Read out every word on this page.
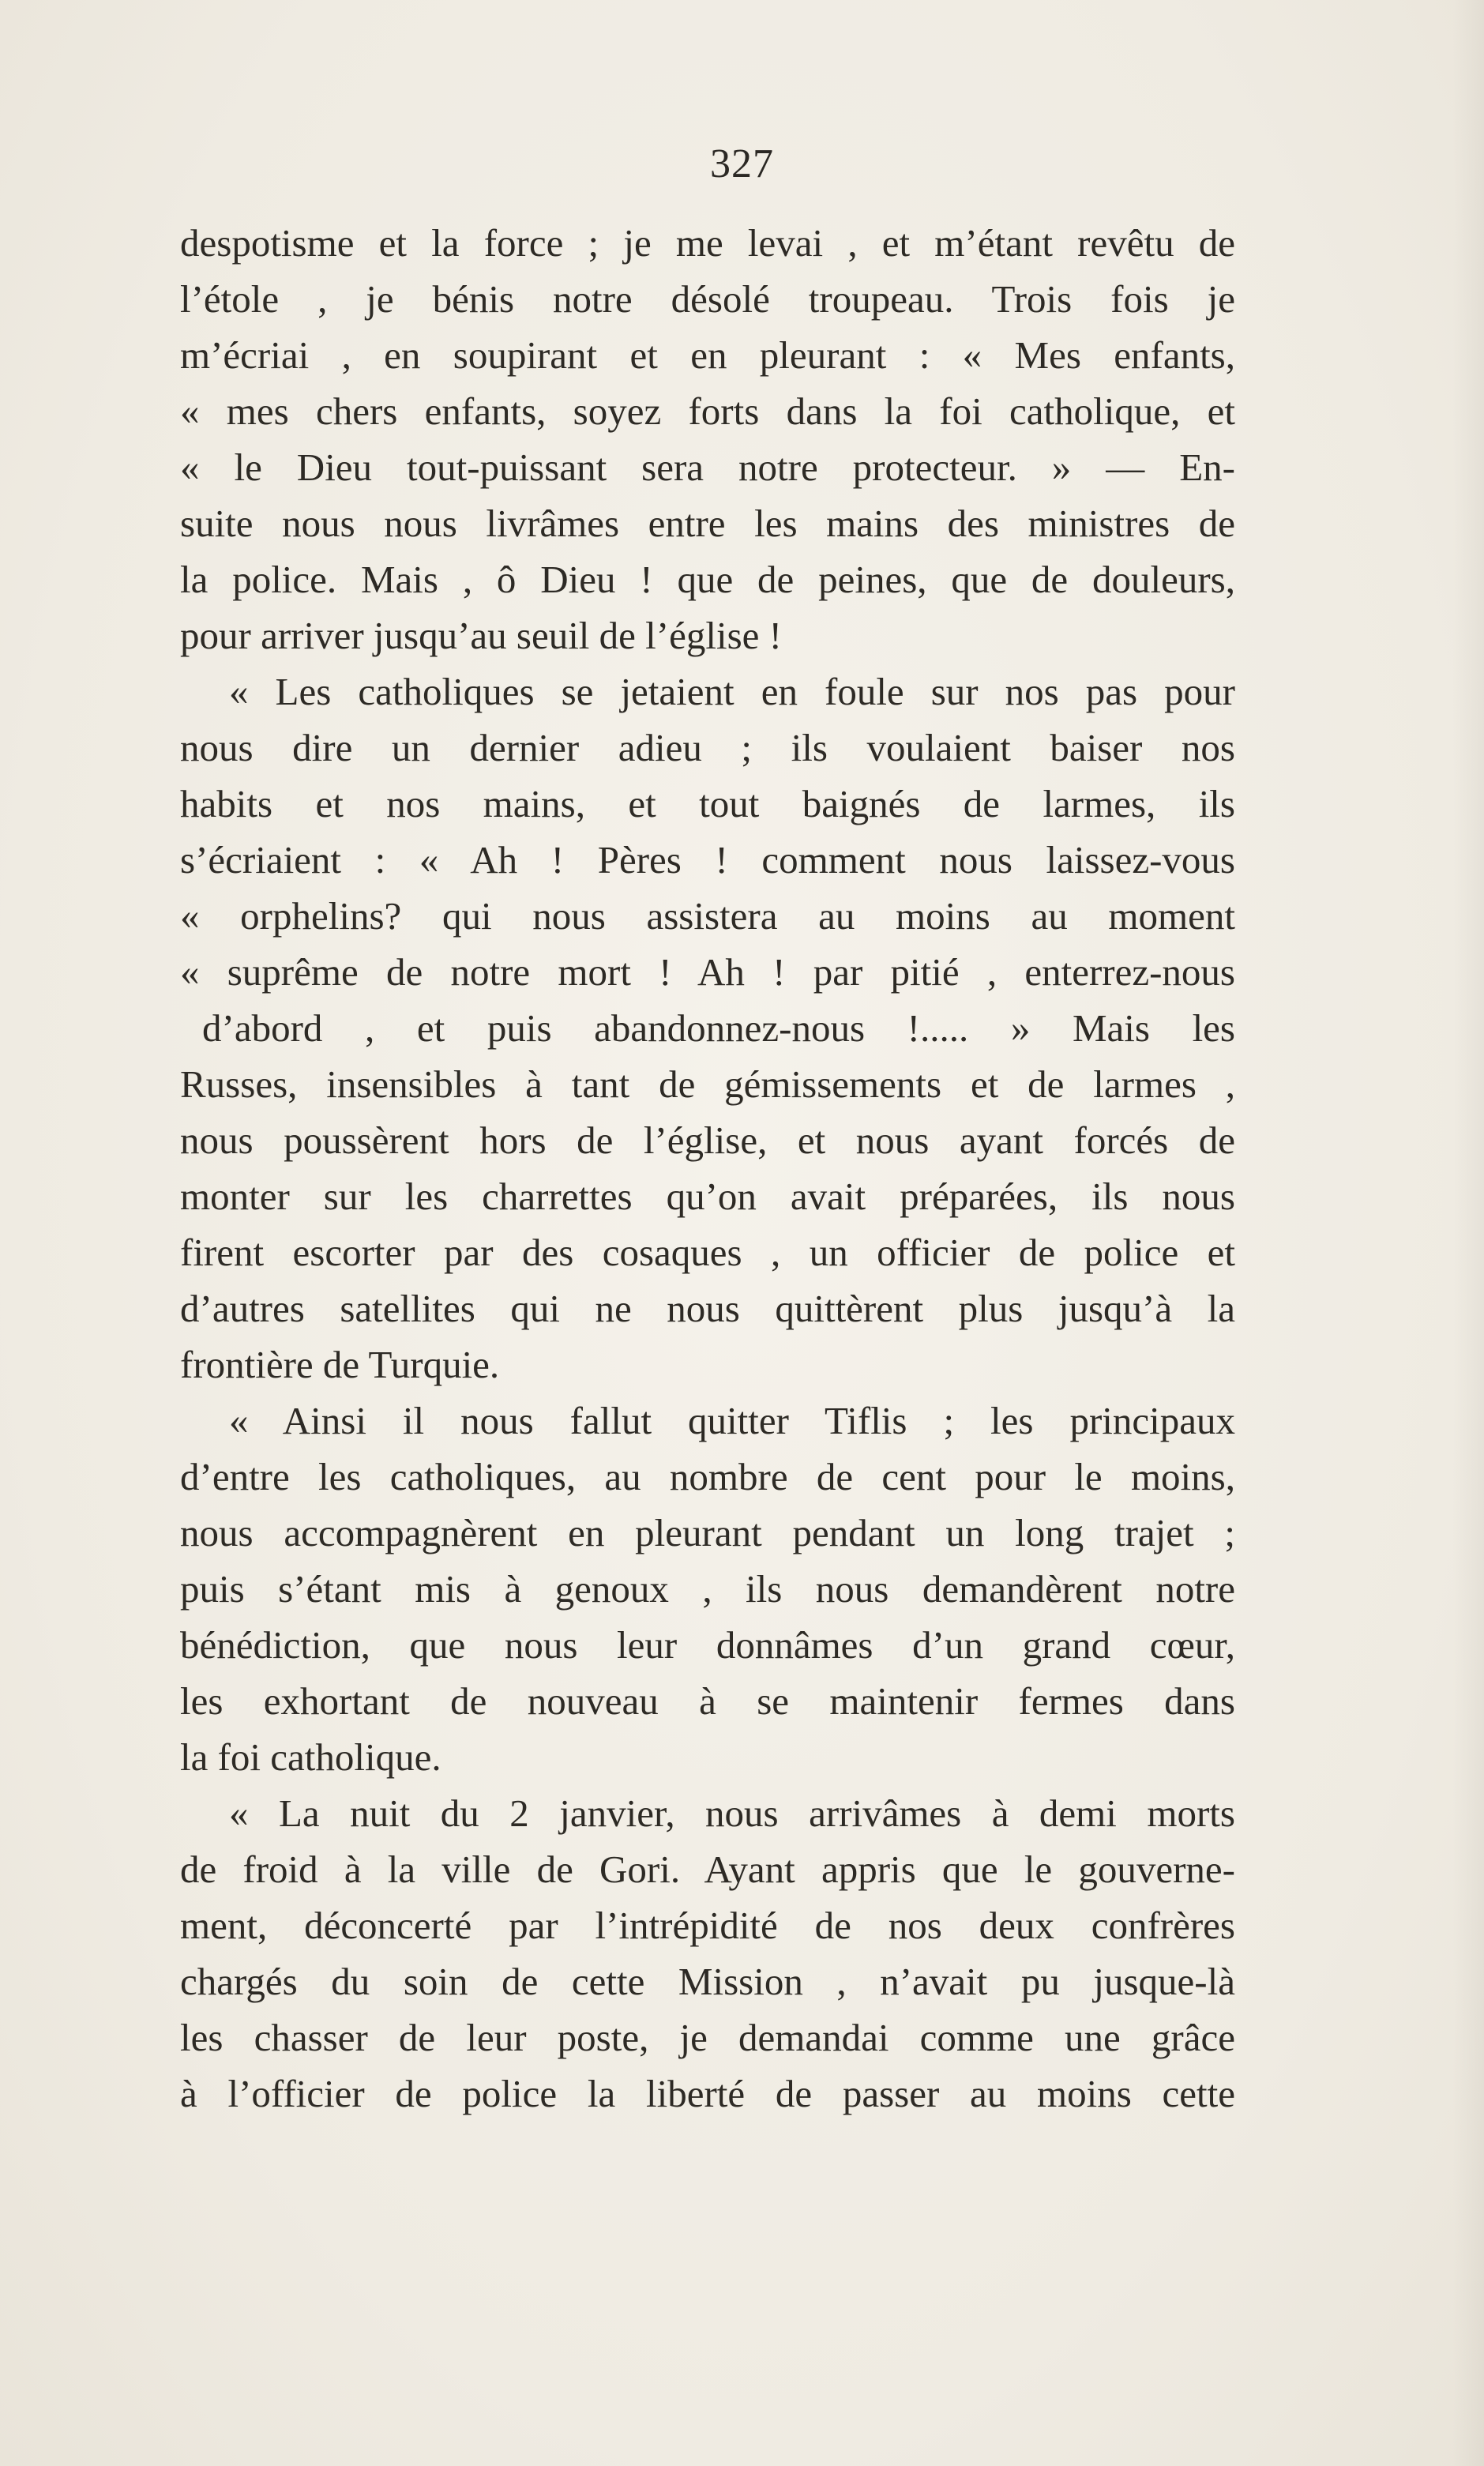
327
despotisme et la force ; je me levai , et m’étant revêtu de
l’étole , je bénis notre désolé troupeau. Trois fois je
m’écriai , en soupirant et en pleurant : « Mes enfants,
« mes chers enfants, soyez forts dans la foi catholique, et
« le Dieu tout-puissant sera notre protecteur. » — En-
suite nous nous livrâmes entre les mains des ministres de
la police. Mais , ô Dieu ! que de peines, que de douleurs,
pour arriver jusqu’au seuil de l’église !
« Les catholiques se jetaient en foule sur nos pas pour
nous dire un dernier adieu ; ils voulaient baiser nos
habits et nos mains, et tout baignés de larmes, ils
s’écriaient : « Ah ! Pères ! comment nous laissez-vous
« orphelins? qui nous assistera au moins au moment
« suprême de notre mort ! Ah ! par pitié , enterrez-nous
d’abord , et puis abandonnez-nous !..... » Mais les
Russes, insensibles à tant de gémissements et de larmes ,
nous poussèrent hors de l’église, et nous ayant forcés de
monter sur les charrettes qu’on avait préparées, ils nous
firent escorter par des cosaques , un officier de police et
d’autres satellites qui ne nous quittèrent plus jusqu’à la
frontière de Turquie.
« Ainsi il nous fallut quitter Tiflis ; les principaux
d’entre les catholiques, au nombre de cent pour le moins,
nous accompagnèrent en pleurant pendant un long trajet ;
puis s’étant mis à genoux , ils nous demandèrent notre
bénédiction, que nous leur donnâmes d’un grand cœur,
les exhortant de nouveau à se maintenir fermes dans
la foi catholique.
« La nuit du 2 janvier, nous arrivâmes à demi morts
de froid à la ville de Gori. Ayant appris que le gouverne-
ment, déconcerté par l’intrépidité de nos deux confrères
chargés du soin de cette Mission , n’avait pu jusque-là
les chasser de leur poste, je demandai comme une grâce
à l’officier de police la liberté de passer au moins cette
